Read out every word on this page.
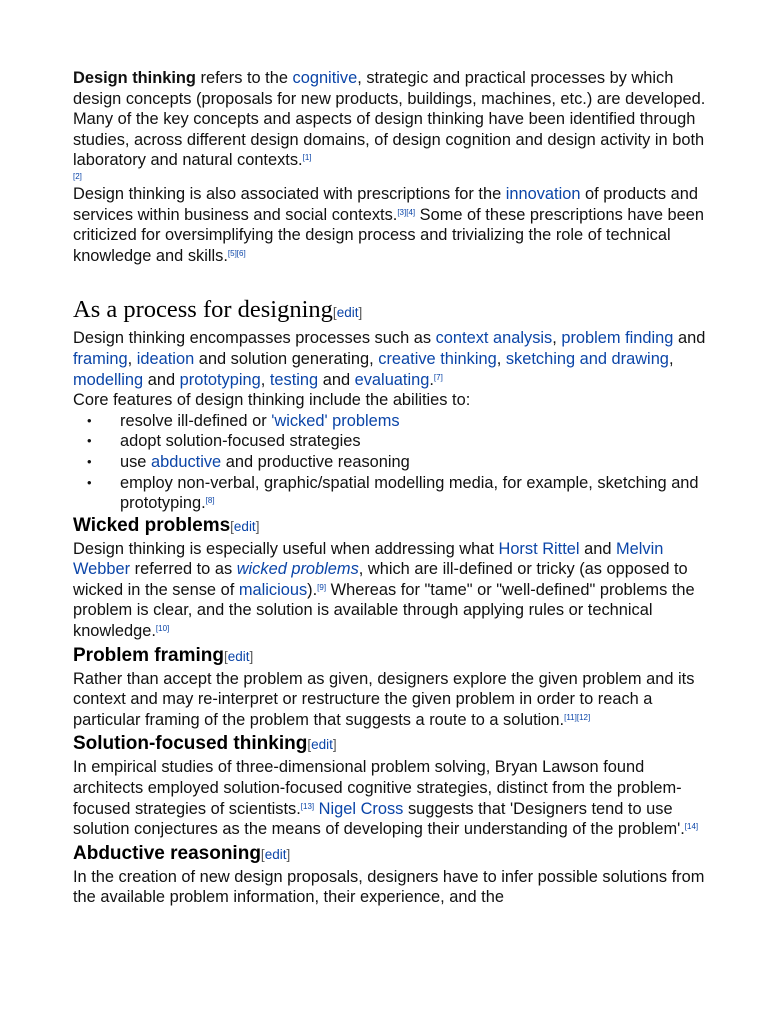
Design thinking refers to the cognitive, strategic and practical processes by which design concepts (proposals for new products, buildings, machines, etc.) are developed. Many of the key concepts and aspects of design thinking have been identified through studies, across different design domains, of design cognition and design activity in both laboratory and natural contexts.[1]

[2]

Design thinking is also associated with prescriptions for the innovation of products and services within business and social contexts.[3][4] Some of these prescriptions have been criticized for oversimplifying the design process and trivializing the role of technical knowledge and skills.[5][6]

As a process for designing[edit]

Design thinking encompasses processes such as context analysis, problem finding and framing, ideation and solution generating, creative thinking, sketching and drawing, modelling and prototyping, testing and evaluating.[7]

Core features of design thinking include the abilities to:

• resolve ill-defined or 'wicked' problems
• adopt solution-focused strategies
• use abductive and productive reasoning
• employ non-verbal, graphic/spatial modelling media, for example, sketching and prototyping.[8]
Wicked problems[edit]

Design thinking is especially useful when addressing what Horst Rittel and Melvin Webber referred to as wicked problems, which are ill-defined or tricky (as opposed to wicked in the sense of malicious).[9] Whereas for "tame" or "well-defined" problems the problem is clear, and the solution is available through applying rules or technical knowledge.[10]

Problem framing[edit]

Rather than accept the problem as given, designers explore the given problem and its context and may re-interpret or restructure the given problem in order to reach a particular framing of the problem that suggests a route to a solution.[11][12]

Solution-focused thinking[edit]

In empirical studies of three-dimensional problem solving, Bryan Lawson found architects employed solution-focused cognitive strategies, distinct from the problem-focused strategies of scientists.[13] Nigel Cross suggests that 'Designers tend to use solution conjectures as the means of developing their understanding of the problem'.[14]

Abductive reasoning[edit]

In the creation of new design proposals, designers have to infer possible solutions from the available problem information, their experience, and the
